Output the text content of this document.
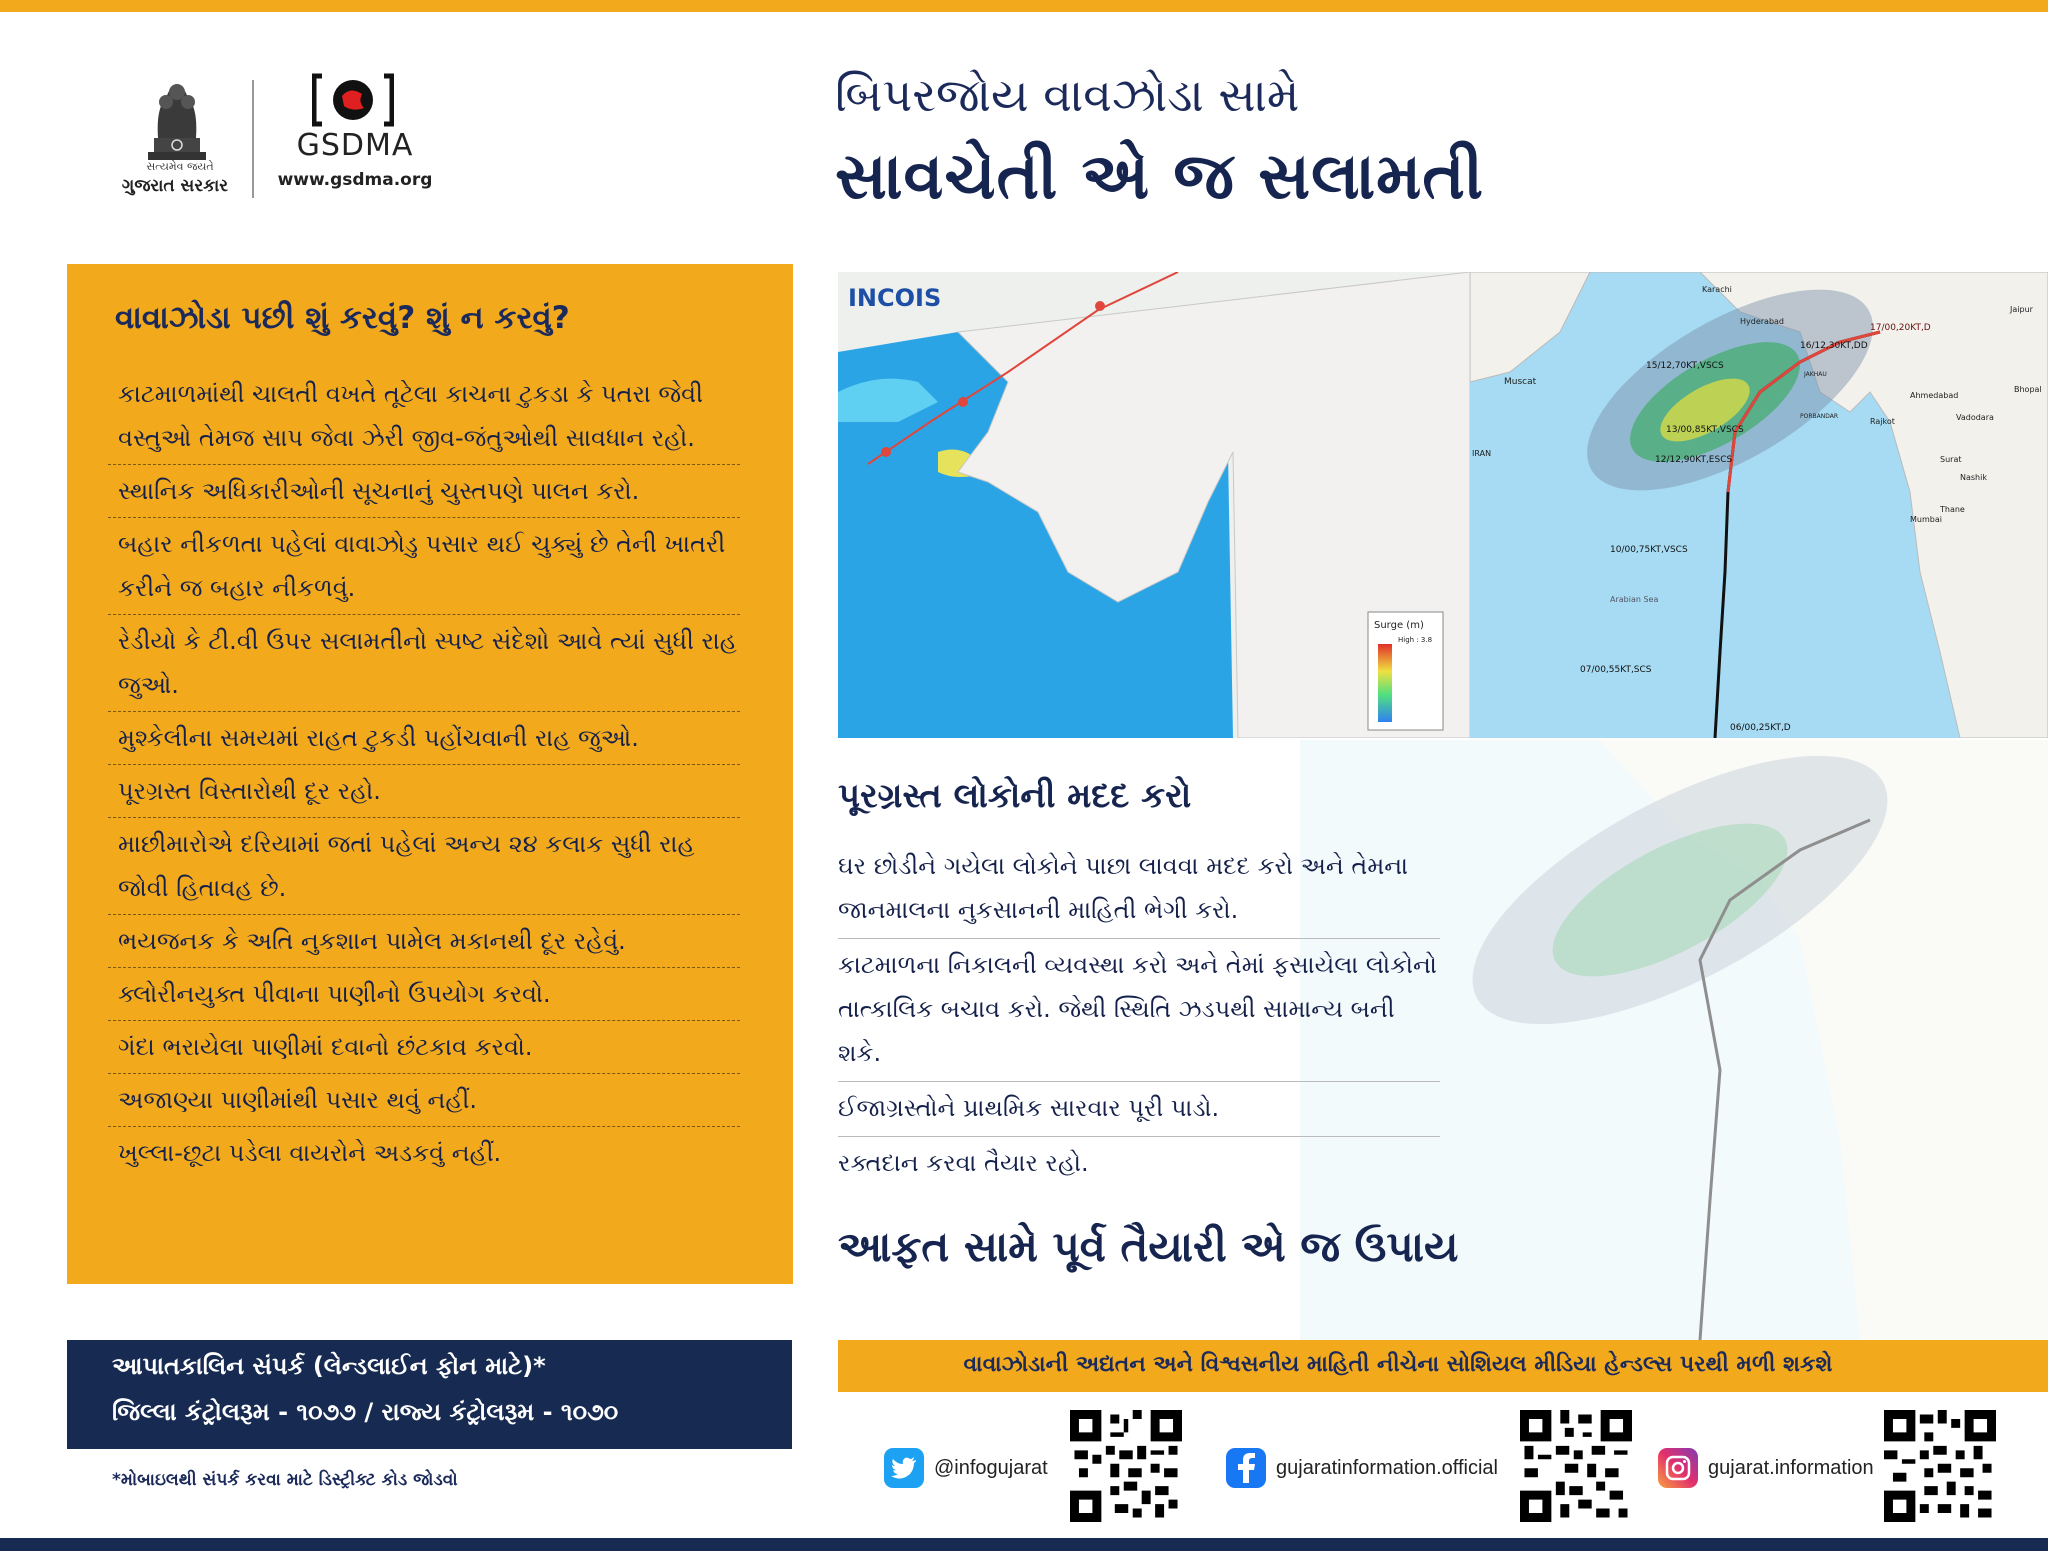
સત્યમેવ જયતે
ગુજરાત સરકાર
GSDMA
www.gsdma.org
બિપરજોય વાવઝોડા સામે
સાવચેતી એ જ સલામતી
વાવાઝોડા પછી શું કરવું? શું ન કરવું?
કાટમાળમાંથી ચાલતી વખતે તૂટેલા કાચના ટુકડા કે પતરા જેવી વસ્તુઓ તેમજ સાપ જેવા ઝેરી જીવ-જંતુઓથી સાવધાન રહો.
સ્થાનિક અધિકારીઓની સૂચનાનું ચુસ્તપણે પાલન કરો.
બહાર નીકળતા પહેલાં વાવાઝોડુ પસાર થઈ ચુક્યું છે તેની ખાતરી કરીને જ બહાર નીકળવું.
રેડીયો કે ટી.વી ઉપર સલામતીનો સ્પષ્ટ સંદેશો આવે ત્યાં સુધી રાહ જુઓ.
મુશ્કેલીના સમયમાં રાહત ટુકડી પહોંચવાની રાહ જુઓ.
પૂરગ્રસ્ત વિસ્તારોથી દૂર રહો.
માછીમારોએ દરિયામાં જતાં પહેલાં અન્ય ૨૪ કલાક સુધી રાહ જોવી હિતાવહ છે.
ભયજનક કે અતિ નુકશાન પામેલ મકાનથી દૂર રહેવું.
ક્લોરીનયુક્ત પીવાના પાણીનો ઉપયોગ કરવો.
ગંદા ભરાયેલા પાણીમાં દવાનો છંટકાવ કરવો.
અજાણ્યા પાણીમાંથી પસાર થવું નહીં.
ખુલ્લા-છૂટા પડેલા વાયરોને અડકવું નહીં.
આપાતકાલિન સંપર્ક (લેન્ડલાઈન ફોન માટે)*
જિલ્લા કંટ્રોલરૂમ - ૧૦૭૭ / રાજ્ય કંટ્રોલરૂમ - ૧૦૭૦
*મોબાઇલથી સંપર્ક કરવા માટે ડિસ્ટ્રીક્ટ કોડ જોડવો
INCOIS
Surge (m)
High : 3.8
Muscat
Arabian Sea
Karachi
Hyderabad
Ahmedabad
Rajkot	Vadodara
Surat
Mumbai
Nashik
Bhopal
Jaipur
Thane
PORBANDAR
JAKHAU
IRAN
17/00,20KT,D
16/12,30KT,DD
15/12,70KT,VSCS
13/00,85KT,VSCS
12/12,90KT,ESCS
10/00,75KT,VSCS
07/00,55KT,SCS
06/00,25KT,D
પૂરગ્રસ્ત લોકોની મદદ કરો
ઘર છોડીને ગયેલા લોકોને પાછા લાવવા મદદ કરો અને તેમના જાનમાલના નુકસાનની માહિતી ભેગી કરો.
કાટમાળના નિકાલની વ્યવસ્થા કરો અને તેમાં ફસાયેલા લોકોનો તાત્કાલિક બચાવ કરો. જેથી સ્થિતિ ઝડપથી સામાન્ય બની શકે.
ઈજાગ્રસ્તોને પ્રાથમિક સારવાર પૂરી પાડો.
રક્તદાન કરવા તૈયાર રહો.
આફત સામે પૂર્વ તૈયારી એ જ ઉપાય
વાવાઝોડાની અદ્યતન અને વિશ્વસનીય માહિતી નીચેના સોશિયલ મીડિયા હેન્ડલ્સ પરથી મળી શકશે
@infogujarat	gujaratinformation.official	gujarat.information
